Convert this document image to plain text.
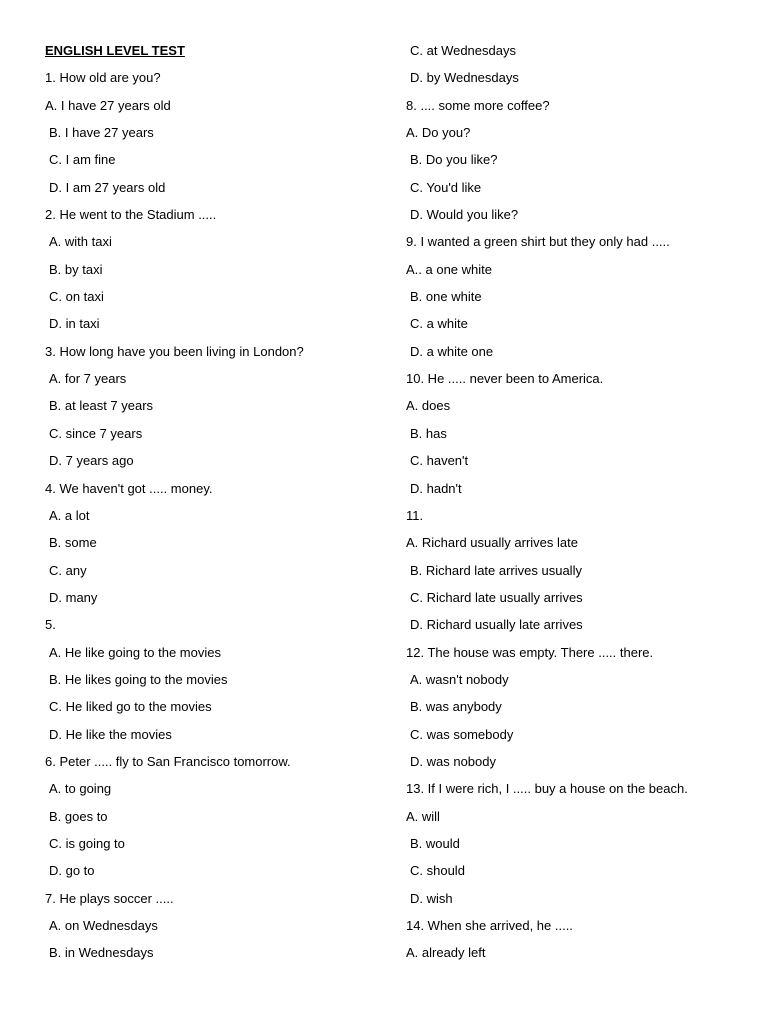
ENGLISH LEVEL TEST
1. How old are you?
A. I have 27 years old
B. I have 27 years
C. I am fine
D. I am 27 years old
2. He went to the Stadium .....
A. with taxi
B. by taxi
C. on taxi
D. in taxi
3. How long have you been living in London?
A. for 7 years
B. at least 7 years
C. since 7 years
D. 7 years ago
4. We haven't got ..... money.
A. a lot
B. some
C. any
D. many
5.
A. He like going to the movies
B. He likes going to the movies
C. He liked go to the movies
D. He like the movies
6. Peter ..... fly to San Francisco tomorrow.
A. to going
B. goes to
C. is going to
D. go to
7. He plays soccer .....
A. on Wednesdays
B. in Wednesdays
C. at Wednesdays
D. by Wednesdays
8. .... some more coffee?
A. Do you?
B. Do you like?
C. You'd like
D. Would you like?
9. I wanted a green shirt but they only had .....
A.. a one white
B. one white
C. a white
D. a white one
10. He ..... never been to America.
A. does
B. has
C. haven't
D. hadn't
11.
A. Richard usually arrives late
B. Richard late arrives usually
C. Richard late usually arrives
D. Richard usually late arrives
12. The house was empty. There ..... there.
A. wasn't nobody
B. was anybody
C. was somebody
D. was nobody
13. If I were rich, I ..... buy a house on the beach.
A. will
B. would
C. should
D. wish
14. When she arrived, he .....
A. already left
